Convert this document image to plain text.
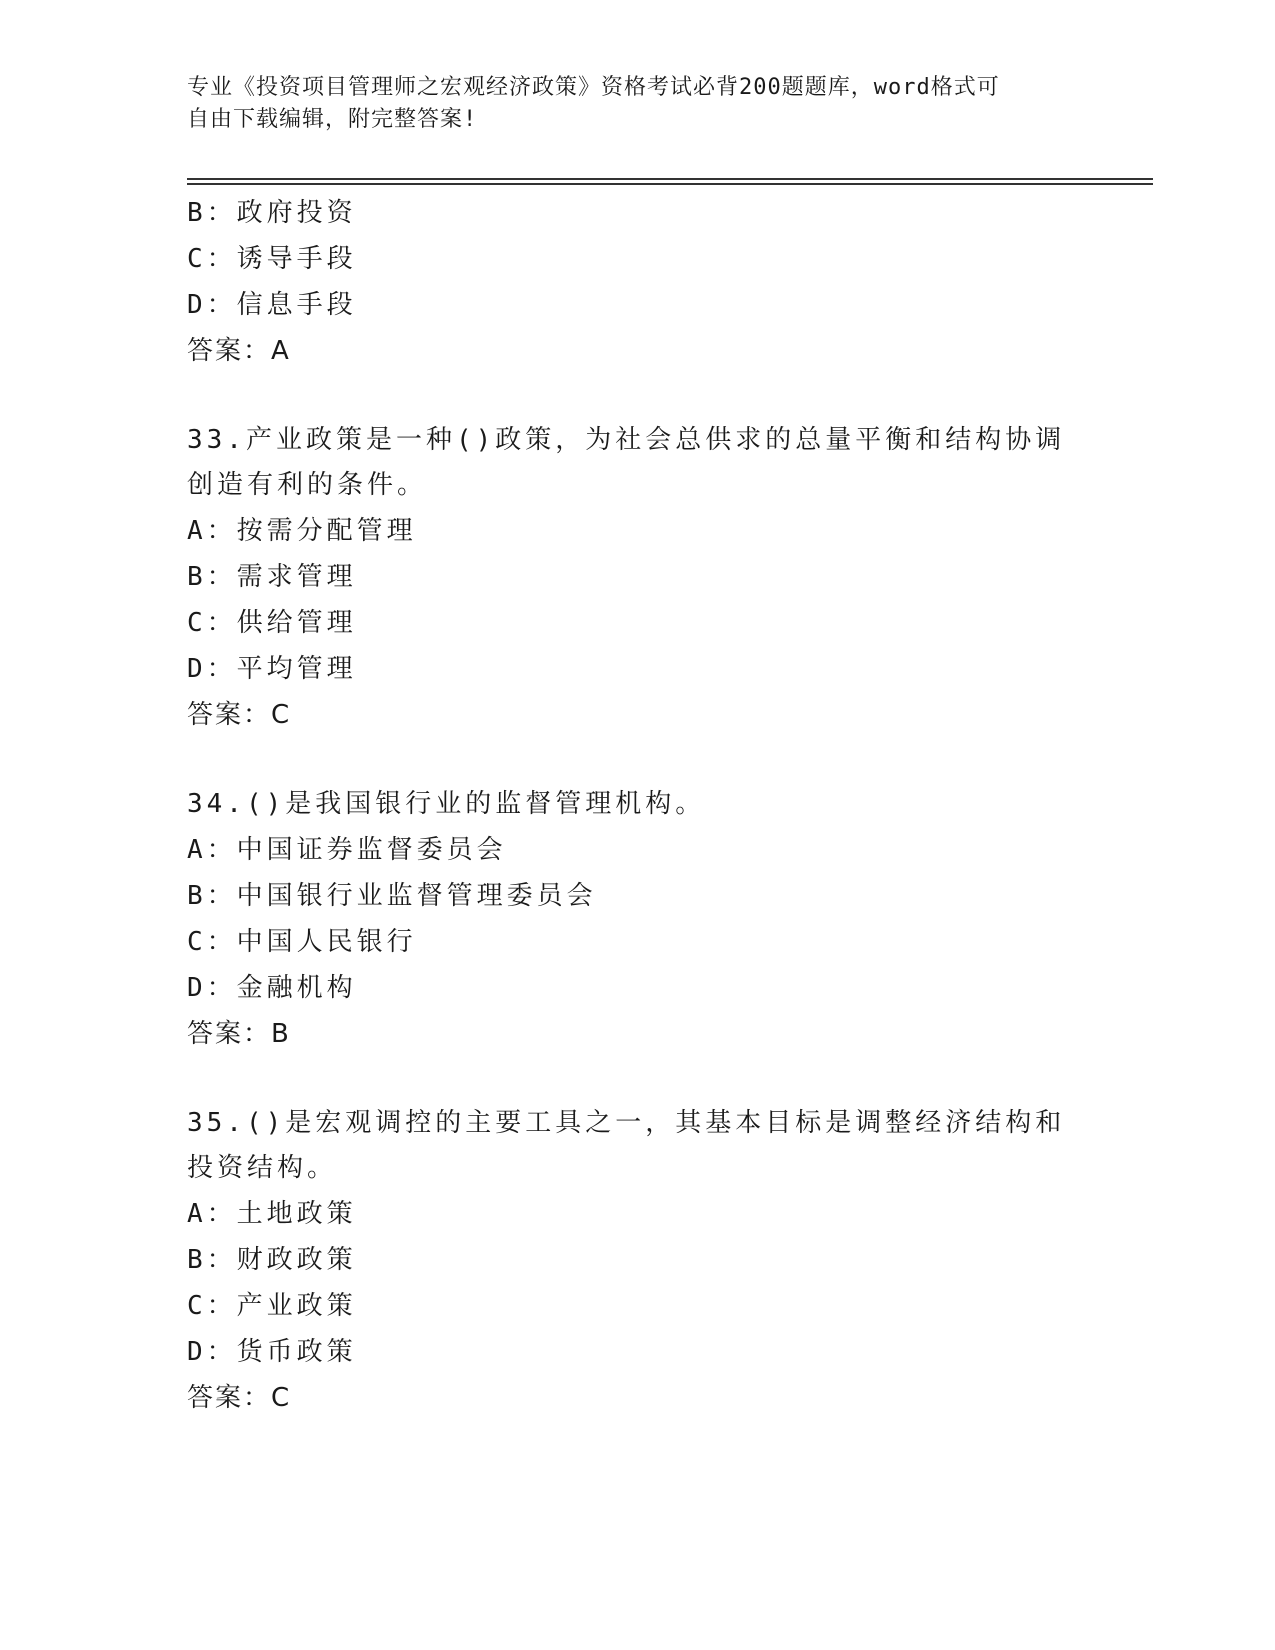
专业《投资项目管理师之宏观经济政策》资格考试必背200题题库，word格式可
自由下载编辑，附完整答案!
B：政府投资
C：诱导手段
D：信息手段
答案：A
33.产业政策是一种()政策，为社会总供求的总量平衡和结构协调创造有利的条件。
A：按需分配管理
B：需求管理
C：供给管理
D：平均管理
答案：C
34.()是我国银行业的监督管理机构。
A：中国证券监督委员会
B：中国银行业监督管理委员会
C：中国人民银行
D：金融机构
答案：B
35.()是宏观调控的主要工具之一，其基本目标是调整经济结构和投资结构。
A：土地政策
B：财政政策
C：产业政策
D：货币政策
答案：C
